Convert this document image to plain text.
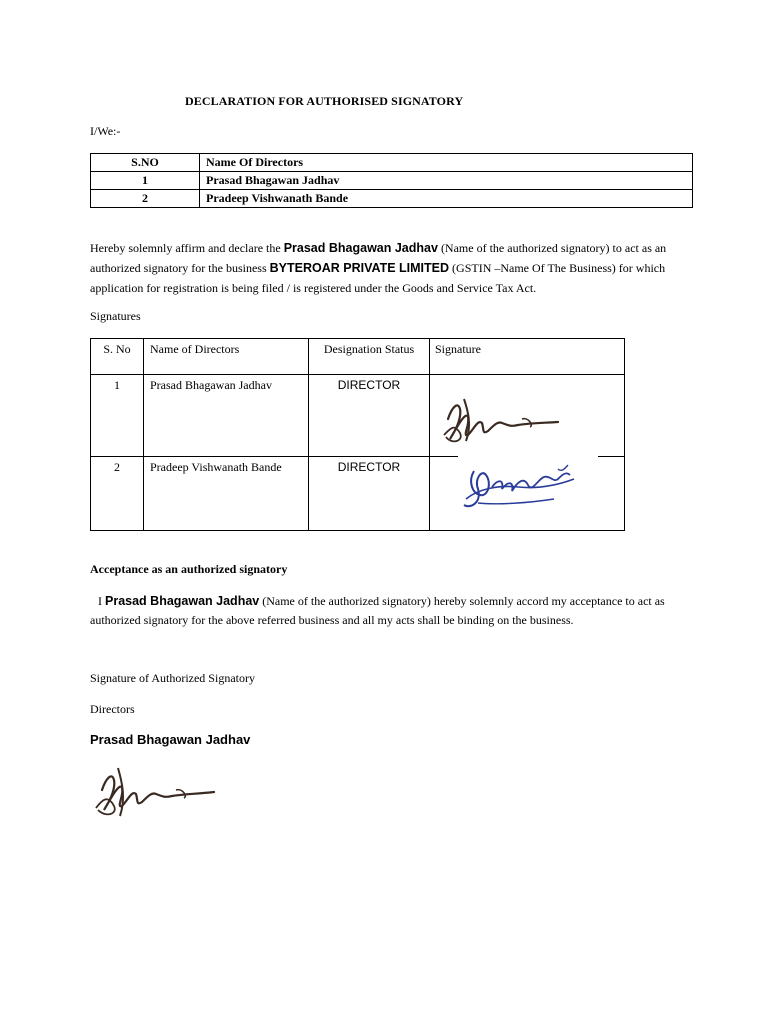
DECLARATION FOR AUTHORISED SIGNATORY
I/We:-
S.NO	Name Of Directors
1	Prasad Bhagawan Jadhav
2	Pradeep Vishwanath Bande
Hereby solemnly affirm and declare the Prasad Bhagawan Jadhav (Name of the authorized signatory) to act as an authorized signatory for the business BYTEROAR PRIVATE LIMITED (GSTIN –Name Of The Business) for which application for registration is being filed / is registered under the Goods and Service Tax Act.
Signatures
S. No	Name of Directors	Designation Status	Signature
1	Prasad Bhagawan Jadhav	DIRECTOR	

2	Pradeep Vishwanath Bande	DIRECTOR	
Acceptance as an authorized signatory
I Prasad Bhagawan Jadhav (Name of the authorized signatory) hereby solemnly accord my acceptance to act as authorized signatory for the above referred business and all my acts shall be binding on the business.
Signature of Authorized Signatory
Directors
Prasad Bhagawan Jadhav
